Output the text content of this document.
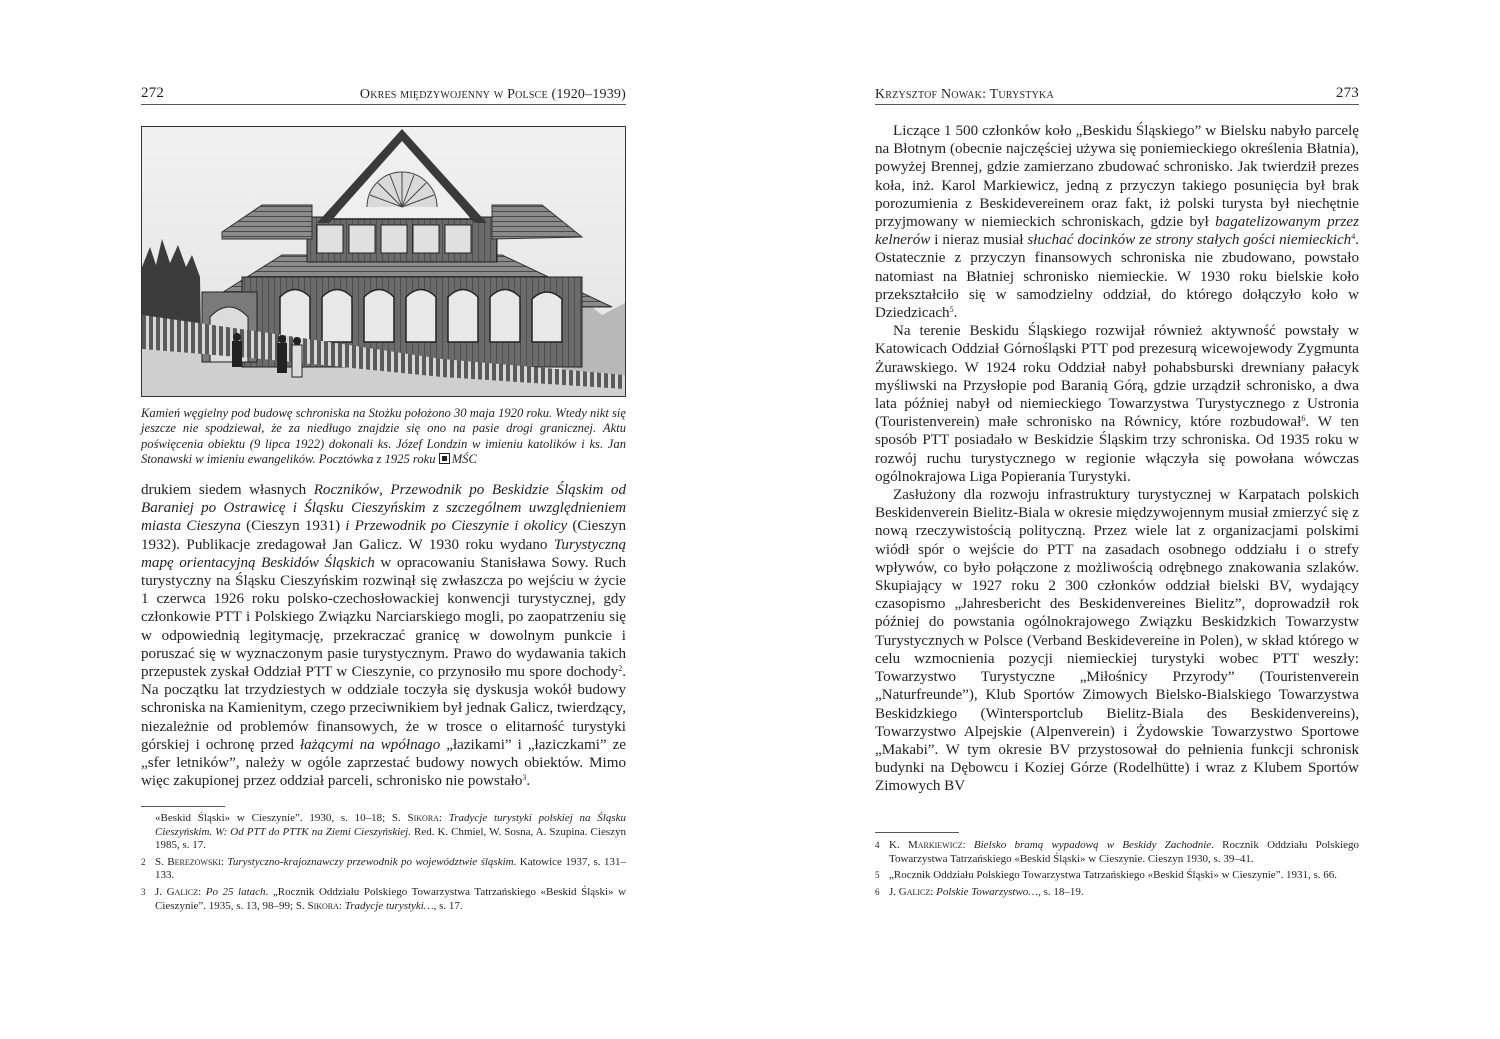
272	Okres międzywojenny w Polsce (1920–1939)
Kamień węgielny pod budowę schroniska na Stożku położono 30 maja 1920 roku. Wtedy nikt się jeszcze nie spodziewał, że za niedługo znajdzie się ono na pasie drogi granicznej. Aktu poświęcenia obiektu (9 lipca 1922) dokonali ks. Józef Londzin w imieniu katolików i ks. Jan Stonawski w imieniu ewangelików. Pocztówka z 1925 roku MŚC

drukiem siedem własnych Roczników, Przewodnik po Beskidzie Śląskim od Baraniej po Ostrawicę i Śląsku Cieszyńskim z szczególnem uwzględnieniem miasta Cieszyna (Cieszyn 1931) i Przewodnik po Cieszynie i okolicy (Cieszyn 1932). Publikacje zredagował Jan Galicz. W 1930 roku wydano Turystyczną mapę orientacyjną Beskidów Śląskich w opracowaniu Stanisława Sowy. Ruch turystyczny na Śląsku Cieszyńskim rozwinął się zwłaszcza po wejściu w życie 1 czerwca 1926 roku polsko-czechosłowackiej konwencji turystycznej, gdy członkowie PTT i Polskiego Związku Narciarskiego mogli, po zaopatrzeniu się w odpowiednią legitymację, przekraczać granicę w dowolnym punkcie i poruszać się w wyznaczonym pasie turystycznym. Prawo do wydawania takich przepustek zyskał Oddział PTT w Cieszynie, co przynosiło mu spore dochody$^2$. Na początku lat trzydziestych w oddziale toczyła się dyskusja wokół budowy schroniska na Kamienitym, czego przeciwnikiem był jednak Galicz, twierdzący, niezależnie od problemów finansowych, że w trosce o elitarność turystyki górskiej i ochronę przed łażącymi na wpółnago „łazikami” i „łaziczkami” ze „sfer letników”, należy w ogóle zaprzestać budowy nowych obiektów. Mimo więc zakupionej przez oddział parceli, schronisko nie powstało$^3$.

«Beskid Śląski» w Cieszynie”. 1930, s. 10–18; S. Sikora: Tradycje turystyki polskiej na Śląsku Cieszyńskim. W: Od PTT do PTTK na Ziemi Cieszyńskiej. Red. K. Chmiel, W. Sosna, A. Szupina. Cieszyn 1985, s. 17.
2 S. Berezowski: Turystyczno-krajoznawczy przewodnik po województwie śląskim. Katowice 1937, s. 131–133.
3 J. Galicz: Po 25 latach. „Rocznik Oddziału Polskiego Towarzystwa Tatrzańskiego «Beskid Śląski» w Cieszynie”. 1935, s. 13, 98–99; S. Sikora: Tradycje turystyki…, s. 17.
Krzysztof Nowak: Turystyka	273

Liczące 1 500 członków koło „Beskidu Śląskiego” w Bielsku nabyło parcelę na Błotnym (obecnie najczęściej używa się poniemieckiego określenia Błatnia), powyżej Brennej, gdzie zamierzano zbudować schronisko. Jak twierdził prezes koła, inż. Karol Markiewicz, jedną z przyczyn takiego posunięcia był brak porozumienia z Beskidevereinem oraz fakt, iż polski turysta był niechętnie przyjmowany w niemieckich schroniskach, gdzie był bagatelizowanym przez kelnerów i nieraz musiał słuchać docinków ze strony stałych gości niemieckich$^4$. Ostatecznie z przyczyn finansowych schroniska nie zbudowano, powstało natomiast na Błatniej schronisko niemieckie. W 1930 roku bielskie koło przekształciło się w samodzielny oddział, do którego dołączyło koło w Dziedzicach$^5$.

Na terenie Beskidu Śląskiego rozwijał również aktywność powstały w Katowicach Oddział Górnośląski PTT pod prezesurą wicewojewody Zygmunta Żurawskiego. W 1924 roku Oddział nabył pohabsburski drewniany pałacyk myśliwski na Przysłopie pod Baranią Górą, gdzie urządził schronisko, a dwa lata później nabył od niemieckiego Towarzystwa Turystycznego z Ustronia (Touristenverein) małe schronisko na Równicy, które rozbudował$^6$. W ten sposób PTT posiadało w Beskidzie Śląskim trzy schroniska. Od 1935 roku w rozwój ruchu turystycznego w regionie włączyła się powołana wówczas ogólnokrajowa Liga Popierania Turystyki.

Zasłużony dla rozwoju infrastruktury turystycznej w Karpatach polskich Beskidenverein Bielitz-Biala w okresie międzywojennym musiał zmierzyć się z nową rzeczywistością polityczną. Przez wiele lat z organizacjami polskimi wiódł spór o wejście do PTT na zasadach osobnego oddziału i o strefy wpływów, co było połączone z możliwością odrębnego znakowania szlaków. Skupiający w 1927 roku 2 300 członków oddział bielski BV, wydający czasopismo „Jahresbericht des Beskidenvereines Bielitz”, doprowadził rok później do powstania ogólnokrajowego Związku Beskidzkich Towarzystw Turystycznych w Polsce (Verband Beskidevereine in Polen), w skład którego w celu wzmocnienia pozycji niemieckiej turystyki wobec PTT weszły: Towarzystwo Turystyczne „Miłośnicy Przyrody” (Touristenverein „Naturfreunde”), Klub Sportów Zimowych Bielsko-Bialskiego Towarzystwa Beskidzkiego (Wintersportclub Bielitz-Biala des Beskidenvereins), Towarzystwo Alpejskie (Alpenverein) i Żydowskie Towarzystwo Sportowe „Makabi”. W tym okresie BV przystosował do pełnienia funkcji schronisk budynki na Dębowcu i Koziej Górze (Rodelhütte) i wraz z Klubem Sportów Zimowych BV

4 K. Markiewicz: Bielsko bramą wypadową w Beskidy Zachodnie. Rocznik Oddziału Polskiego Towarzystwa Tatrzańskiego «Beskid Śląski» w Cieszynie. Cieszyn 1930, s. 39–41.
5 „Rocznik Oddziału Polskiego Towarzystwa Tatrzańskiego «Beskid Śląski» w Cieszynie”. 1931, s. 66.
6 J. Galicz: Polskie Towarzystwo…, s. 18–19.
